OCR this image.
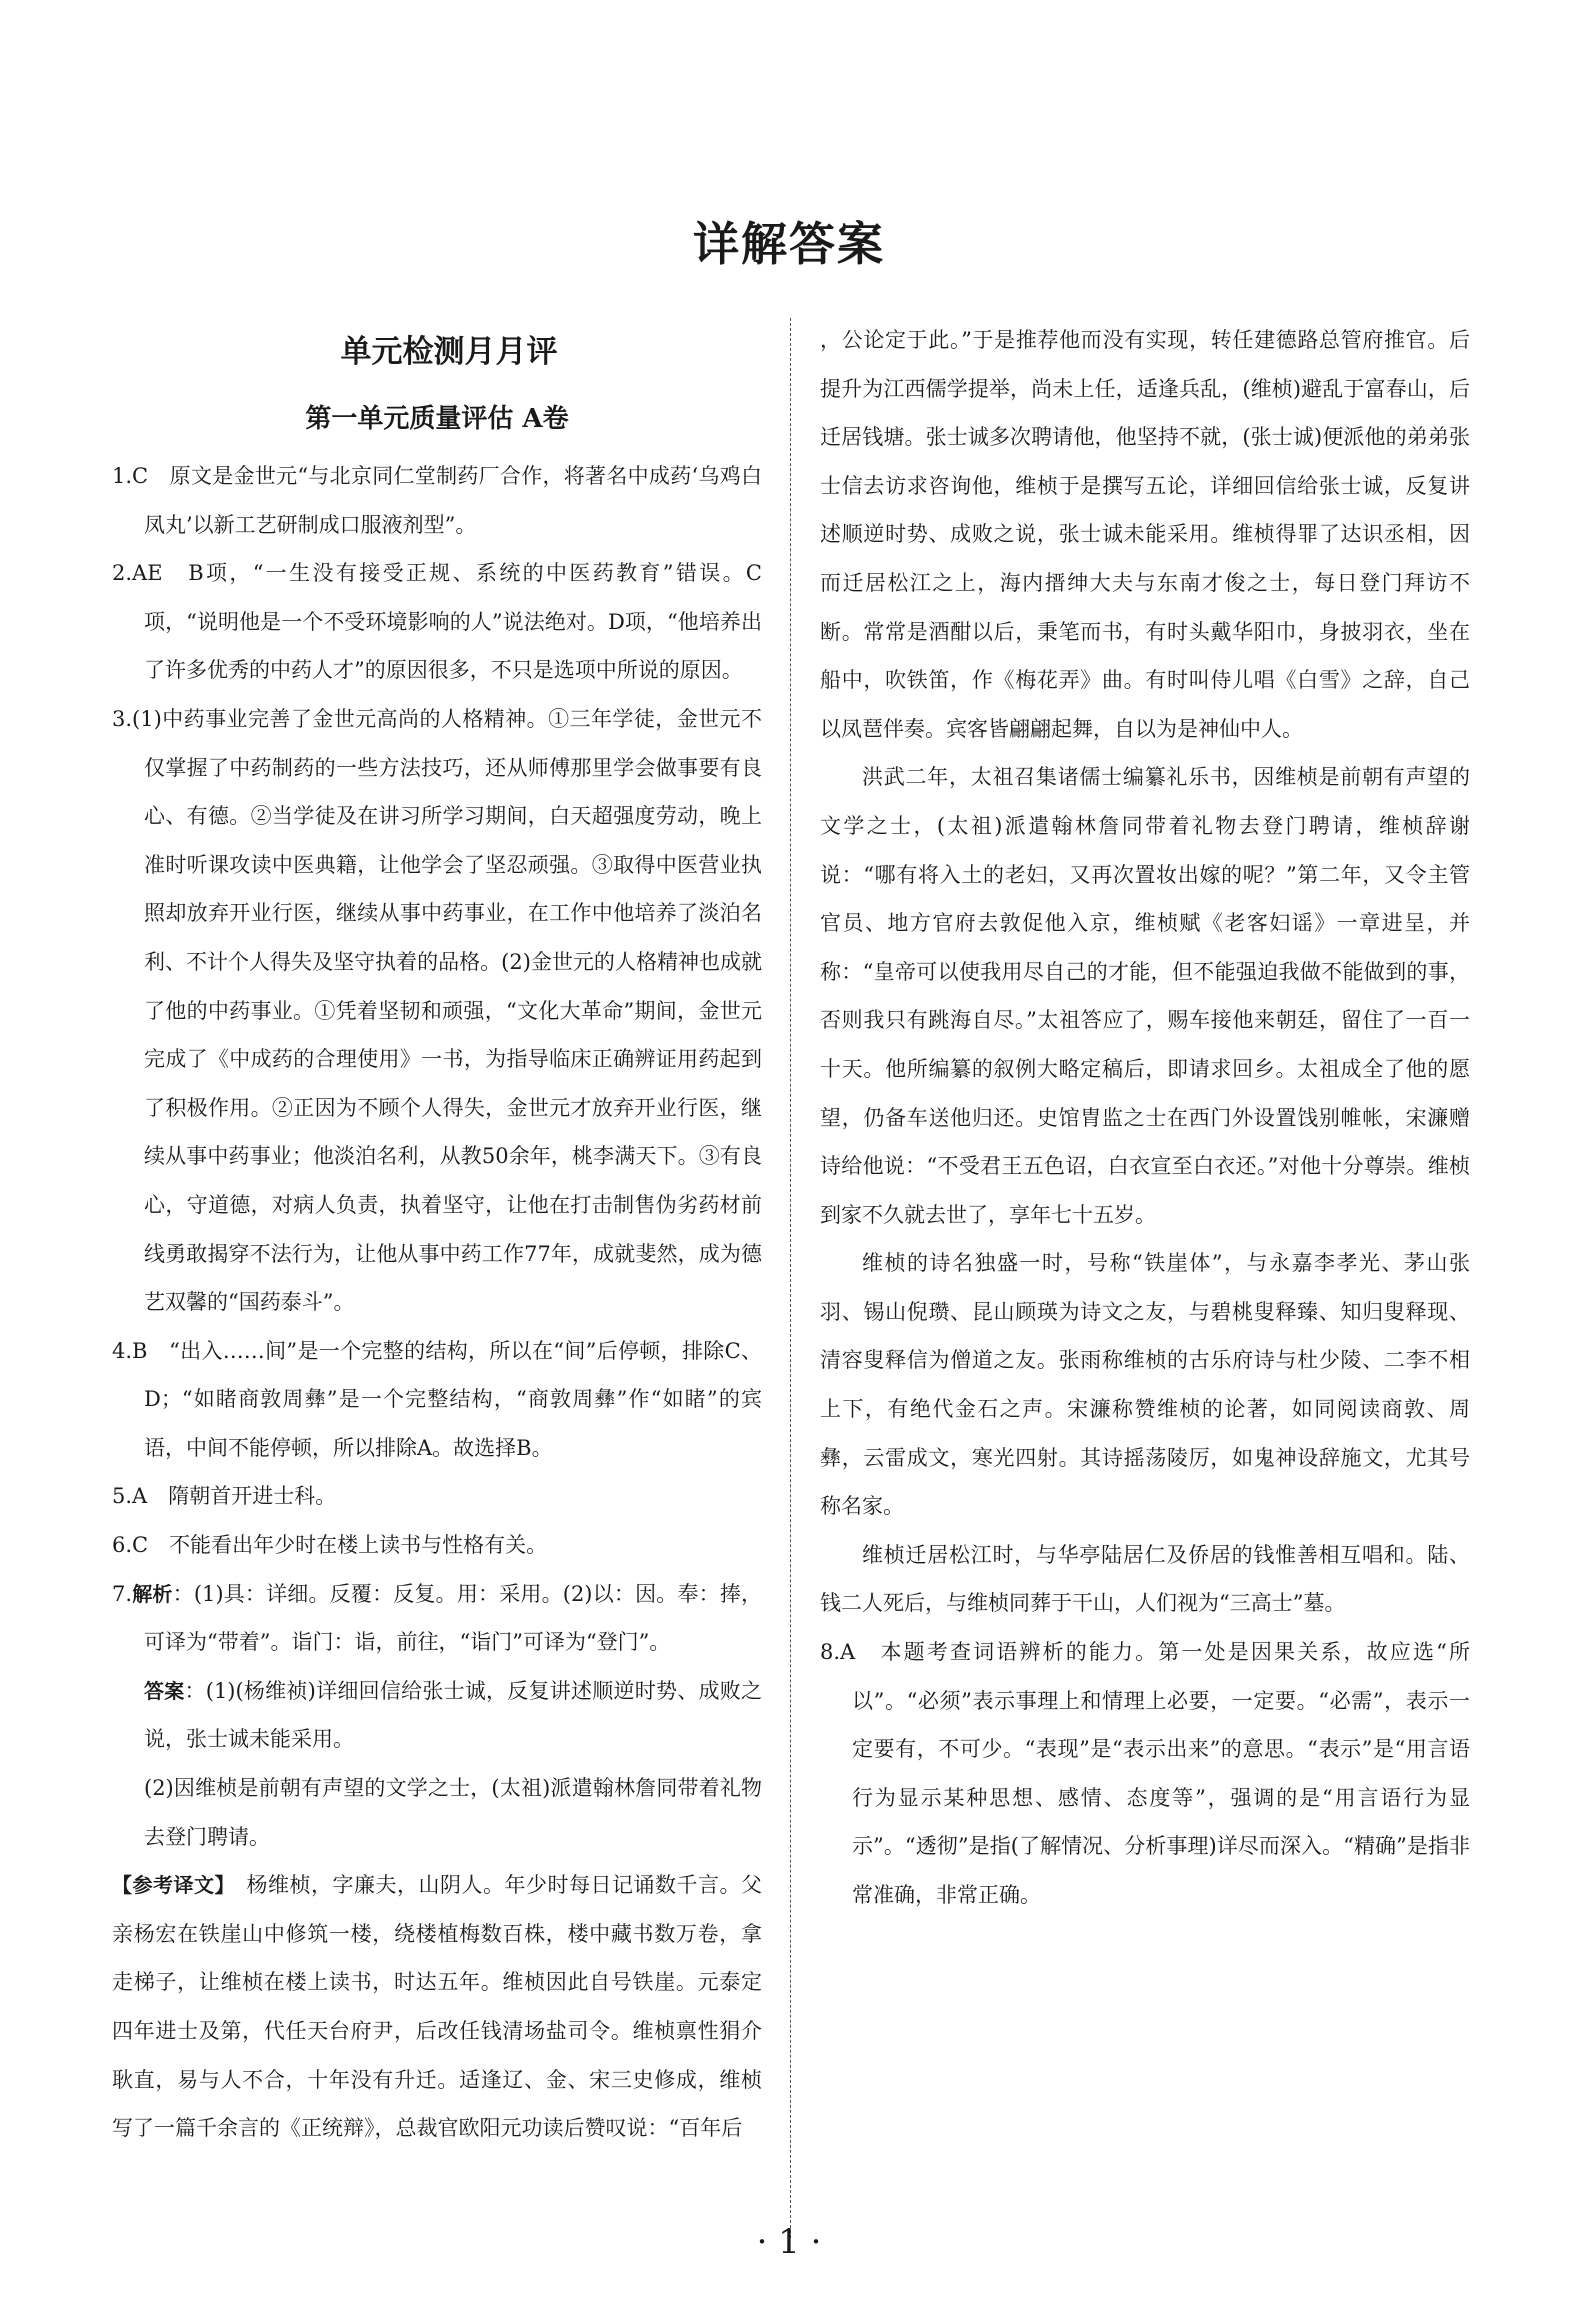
详解答案
单元检测月月评
第一单元质量评估 A卷

1.C　原文是金世元“与北京同仁堂制药厂合作，将著名中成药‘乌鸡白凤丸’以新工艺研制成口服液剂型”。

2.AE　B项，“一生没有接受正规、系统的中医药教育”错误。C项，“说明他是一个不受环境影响的人”说法绝对。D项，“他培养出了许多优秀的中药人才”的原因很多，不只是选项中所说的原因。

3.(1)中药事业完善了金世元高尚的人格精神。①三年学徒，金世元不仅掌握了中药制药的一些方法技巧，还从师傅那里学会做事要有良心、有德。②当学徒及在讲习所学习期间，白天超强度劳动，晚上准时听课攻读中医典籍，让他学会了坚忍顽强。③取得中医营业执照却放弃开业行医，继续从事中药事业，在工作中他培养了淡泊名利、不计个人得失及坚守执着的品格。(2)金世元的人格精神也成就了他的中药事业。①凭着坚韧和顽强，“文化大革命”期间，金世元完成了《中成药的合理使用》一书，为指导临床正确辨证用药起到了积极作用。②正因为不顾个人得失，金世元才放弃开业行医，继续从事中药事业；他淡泊名利，从教50余年，桃李满天下。③有良心，守道德，对病人负责，执着坚守，让他在打击制售伪劣药材前线勇敢揭穿不法行为，让他从事中药工作77年，成就斐然，成为德艺双馨的“国药泰斗”。

4.B　“出入……间”是一个完整的结构，所以在“间”后停顿，排除C、D；“如睹商敦周彝”是一个完整结构，“商敦周彝”作“如睹”的宾语，中间不能停顿，所以排除A。故选择B。

5.A　隋朝首开进士科。

6.C　不能看出年少时在楼上读书与性格有关。

7.解析：(1)具：详细。反覆：反复。用：采用。(2)以：因。奉：捧，可译为“带着”。诣门：诣，前往，“诣门”可译为“登门”。

答案：(1)(杨维祯)详细回信给张士诚，反复讲述顺逆时势、成败之说，张士诚未能采用。

(2)因维桢是前朝有声望的文学之士，(太祖)派遣翰林詹同带着礼物去登门聘请。

【参考译文】　 杨维桢，字廉夫，山阴人。年少时每日记诵数千言。父亲杨宏在铁崖山中修筑一楼，绕楼植梅数百株，楼中藏书数万卷，拿走梯子，让维桢在楼上读书，时达五年。维桢因此自号铁崖。元泰定四年进士及第，代任天台府尹，后改任钱清场盐司令。维桢禀性狷介耿直，易与人不合，十年没有升迁。适逢辽、金、宋三史修成，维桢写了一篇千余言的《正统辩》，总裁官欧阳元功读后赞叹说：“百年后

，公论定于此。”于是推荐他而没有实现，转任建德路总管府推官。后提升为江西儒学提举，尚未上任，适逢兵乱，(维桢)避乱于富春山，后迁居钱塘。张士诚多次聘请他，他坚持不就，(张士诚)便派他的弟弟张士信去访求咨询他，维桢于是撰写五论，详细回信给张士诚，反复讲述顺逆时势、成败之说，张士诚未能采用。维桢得罪了达识丞相，因而迁居松江之上，海内搢绅大夫与东南才俊之士，每日登门拜访不断。常常是酒酣以后，秉笔而书，有时头戴华阳巾，身披羽衣，坐在船中，吹铁笛，作《梅花弄》曲。有时叫侍儿唱《白雪》之辞，自己以凤琶伴奏。宾客皆翩翩起舞，自以为是神仙中人。

洪武二年，太祖召集诸儒士编纂礼乐书，因维桢是前朝有声望的文学之士，(太祖)派遣翰林詹同带着礼物去登门聘请，维桢辞谢说：“哪有将入土的老妇，又再次置妆出嫁的呢？”第二年，又令主管官员、地方官府去敦促他入京，维桢赋《老客妇谣》一章进呈，并称：“皇帝可以使我用尽自己的才能，但不能强迫我做不能做到的事，否则我只有跳海自尽。”太祖答应了，赐车接他来朝廷，留住了一百一十天。他所编纂的叙例大略定稿后，即请求回乡。太祖成全了他的愿望，仍备车送他归还。史馆胄监之士在西门外设置饯别帷帐，宋濂赠诗给他说：“不受君王五色诏，白衣宣至白衣还。”对他十分尊崇。维桢到家不久就去世了，享年七十五岁。

维桢的诗名独盛一时，号称“铁崖体”，与永嘉李孝光、茅山张羽、锡山倪瓒、昆山顾瑛为诗文之友，与碧桃叟释臻、知归叟释现、清容叟释信为僧道之友。张雨称维桢的古乐府诗与杜少陵、二李不相上下，有绝代金石之声。宋濂称赞维桢的论著，如同阅读商敦、周彝，云雷成文，寒光四射。其诗摇荡陵厉，如鬼神设辞施文，尤其号称名家。

维桢迁居松江时，与华亭陆居仁及侨居的钱惟善相互唱和。陆、钱二人死后，与维桢同葬于干山，人们视为“三高士”墓。

8.A　本题考查词语辨析的能力。第一处是因果关系，故应选“所以”。“必须”表示事理上和情理上必要，一定要。“必需”，表示一定要有，不可少。“表现”是“表示出来”的意思。“表示”是“用言语行为显示某种思想、感情、态度等”，强调的是“用言语行为显示”。“透彻”是指(了解情况、分析事理)详尽而深入。“精确”是指非常准确，非常正确。

· 1 ·
